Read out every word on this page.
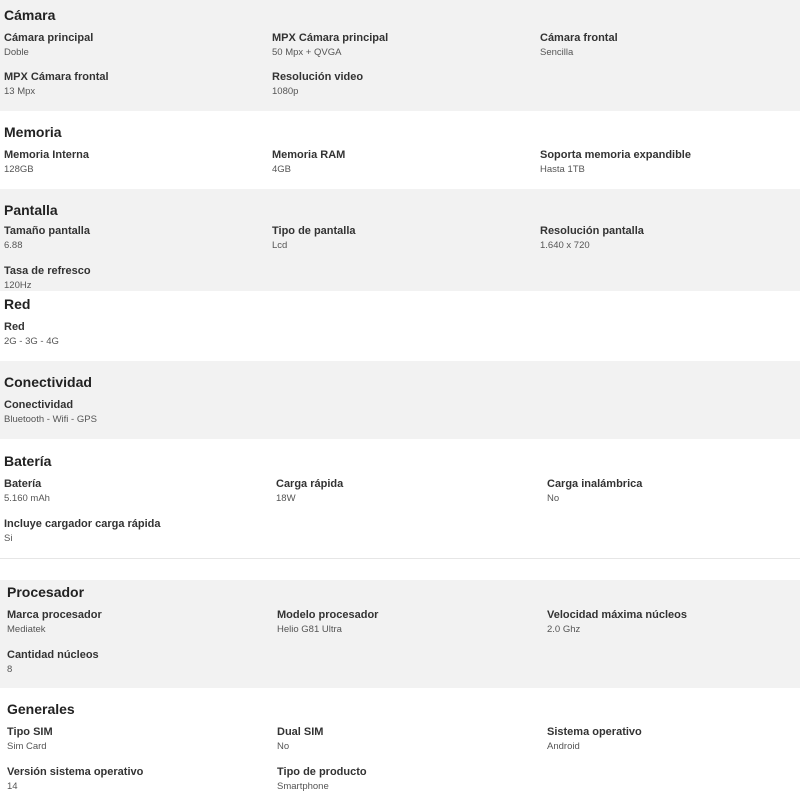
Cámara
Cámara principal
Doble
MPX Cámara principal
50 Mpx + QVGA
Cámara frontal
Sencilla
MPX Cámara frontal
13 Mpx
Resolución video
1080p
Memoria
Memoria Interna
128GB
Memoria RAM
4GB
Soporta memoria expandible
Hasta 1TB
Pantalla
Tamaño pantalla
6.88
Tipo de pantalla
Lcd
Resolución pantalla
1.640 x 720
Tasa de refresco
120Hz
Red
Red
2G - 3G - 4G
Conectividad
Conectividad
Bluetooth - Wifi - GPS
Batería
Batería
5.160 mAh
Carga rápida
18W
Carga inalámbrica
No
Incluye cargador carga rápida
Si
Procesador
Marca procesador
Mediatek
Modelo procesador
Helio G81 Ultra
Velocidad máxima núcleos
2.0 Ghz
Cantidad núcleos
8
Generales
Tipo SIM
Sim Card
Dual SIM
No
Sistema operativo
Android
Versión sistema operativo
14
Tipo de producto
Smartphone
